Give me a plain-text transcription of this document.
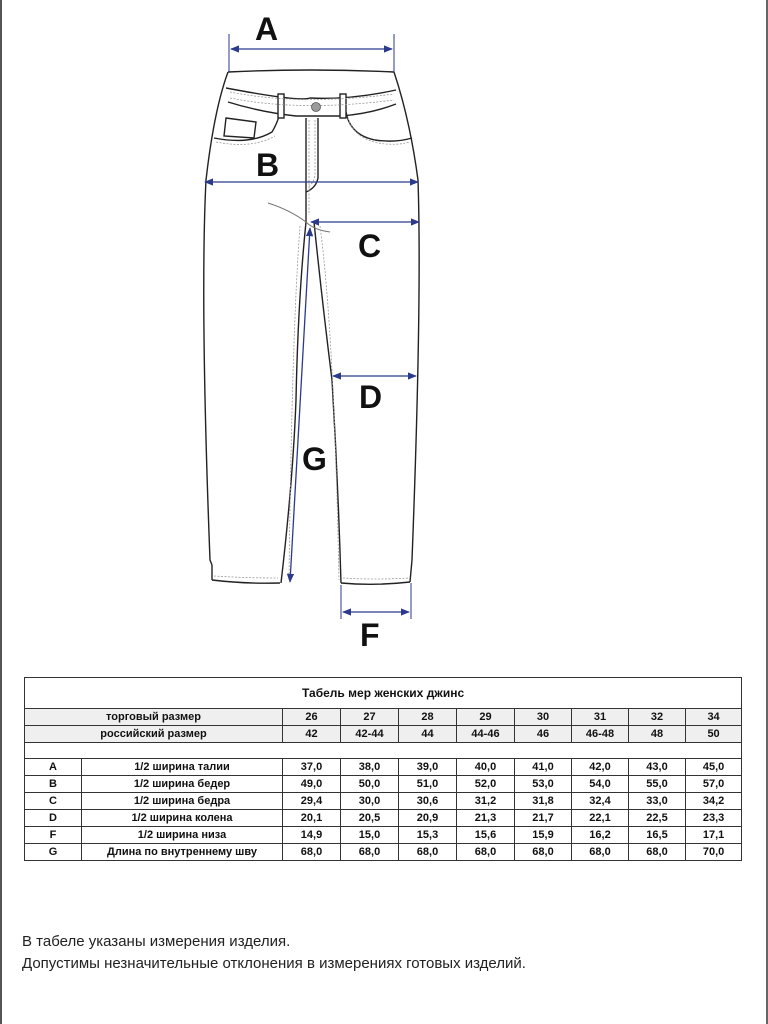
A
B
C
D
G
F
Табель мер женских джинс									
торговый размер		26	27	28	29	30	31	32	34
российский размер		42	42-44	44	44-46	46	46-48	48	50

A	1/2 ширина талии	37,0	38,0	39,0	40,0	41,0	42,0	43,0	45,0
B	1/2 ширина бедер	49,0	50,0	51,0	52,0	53,0	54,0	55,0	57,0
C	1/2 ширина бедра	29,4	30,0	30,6	31,2	31,8	32,4	33,0	34,2
D	1/2 ширина колена	20,1	20,5	20,9	21,3	21,7	22,1	22,5	23,3
F	1/2 ширина низа	14,9	15,0	15,3	15,6	15,9	16,2	16,5	17,1
G	Длина по внутреннему шву	68,0	68,0	68,0	68,0	68,0	68,0	68,0	70,0
В табеле указаны измерения изделия.
Допустимы незначительные отклонения в измерениях готовых изделий.
